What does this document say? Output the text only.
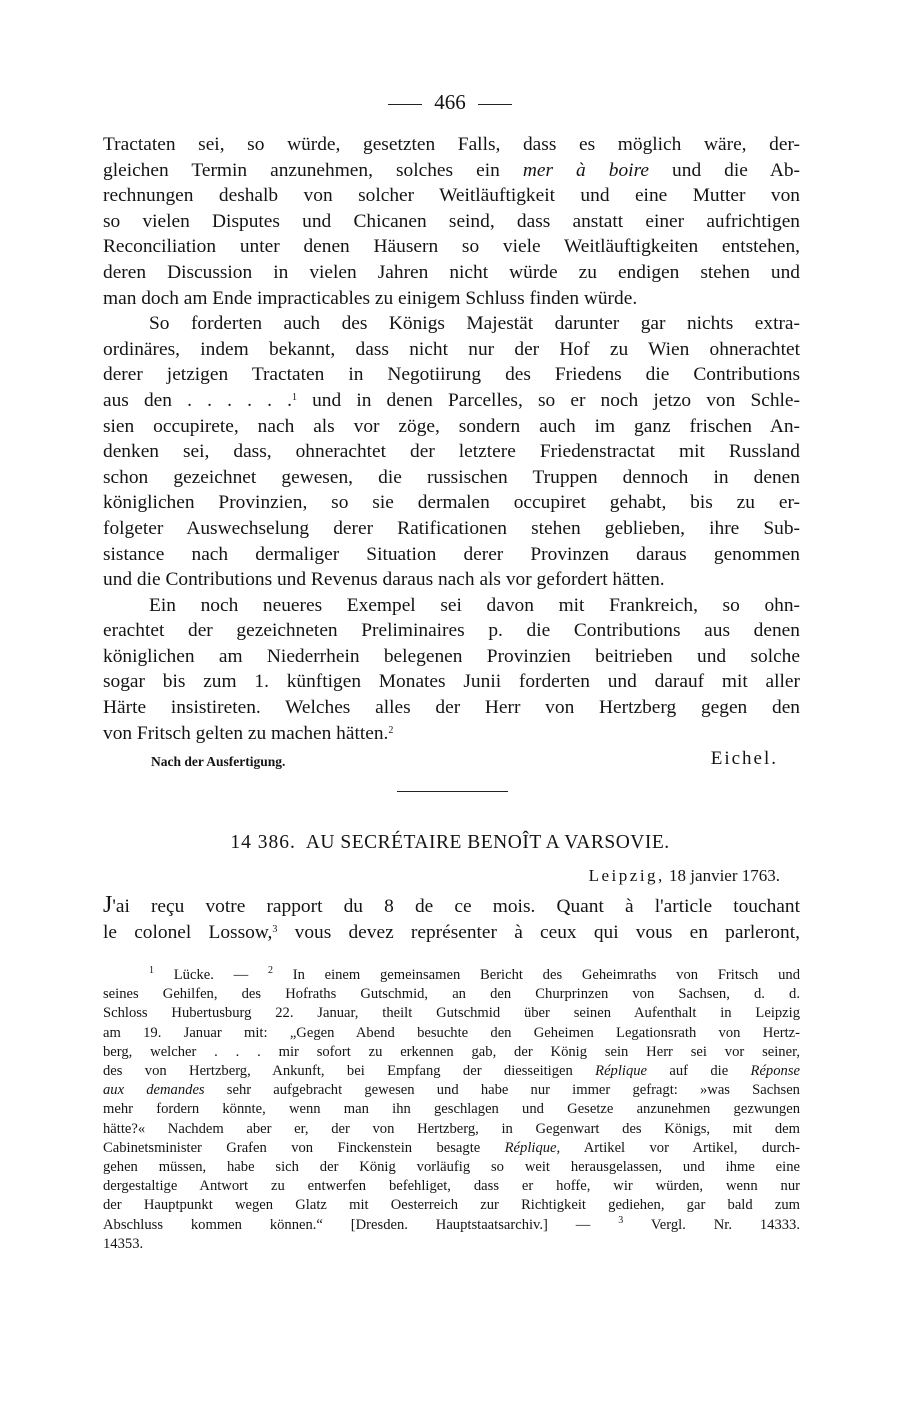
466

Tractaten sei, so würde, gesetzten Falls, dass es möglich wäre, der-
gleichen Termin anzunehmen, solches ein mer à boire und die Ab-
rechnungen deshalb von solcher Weitläuftigkeit und eine Mutter von
so vielen Disputes und Chicanen seind, dass anstatt einer aufrichtigen
Reconciliation unter denen Häusern so viele Weitläuftigkeiten entstehen,
deren Discussion in vielen Jahren nicht würde zu endigen stehen und
man doch am Ende impracticables zu einigem Schluss finden würde.

So forderten auch des Königs Majestät darunter gar nichts extra-
ordinäres, indem bekannt, dass nicht nur der Hof zu Wien ohnerachtet
derer jetzigen Tractaten in Negotiirung des Friedens die Contributions
aus den . . . . . .$^1$ und in denen Parcelles, so er noch jetzo von Schle-
sien occupirete, nach als vor zöge, sondern auch im ganz frischen An-
denken sei, dass, ohnerachtet der letztere Friedenstractat mit Russland
schon gezeichnet gewesen, die russischen Truppen dennoch in denen
königlichen Provinzien, so sie dermalen occupiret gehabt, bis zu er-
folgeter Auswechselung derer Ratificationen stehen geblieben, ihre Sub-
sistance nach dermaliger Situation derer Provinzen daraus genommen
und die Contributions und Revenus daraus nach als vor gefordert hätten.

Ein noch neueres Exempel sei davon mit Frankreich, so ohn-
erachtet der gezeichneten Preliminaires p. die Contributions aus denen
königlichen am Niederrhein belegenen Provinzien beitrieben und solche
sogar bis zum 1. künftigen Monates Junii forderten und darauf mit aller
Härte insistireten. Welches alles der Herr von Hertzberg gegen den
von Fritsch gelten zu machen hätten.$^2$

Nach der Ausfertigung.	Eichel.
14 386. AU SECRÉTAIRE BENOÎT A VARSOVIE.
Leipzig, 18 janvier 1763.
J'ai reçu votre rapport du 8 de ce mois. Quant à l'article touchant
le colonel Lossow,$^3$ vous devez représenter à ceux qui vous en parleront,
$^1$ Lücke. — $^2$ In einem gemeinsamen Bericht des Geheimraths von Fritsch und
seines Gehilfen, des Hofraths Gutschmid, an den Churprinzen von Sachsen, d. d.
Schloss Hubertusburg 22. Januar, theilt Gutschmid über seinen Aufenthalt in Leipzig
am 19. Januar mit: „Gegen Abend besuchte den Geheimen Legationsrath von Hertz-
berg, welcher . . . mir sofort zu erkennen gab, der König sein Herr sei vor seiner,
des von Hertzberg, Ankunft, bei Empfang der diesseitigen Réplique auf die Réponse
aux demandes sehr aufgebracht gewesen und habe nur immer gefragt: »was Sachsen
mehr fordern könnte, wenn man ihn geschlagen und Gesetze anzunehmen gezwungen
hätte?« Nachdem aber er, der von Hertzberg, in Gegenwart des Königs, mit dem
Cabinetsminister Grafen von Finckenstein besagte Réplique, Artikel vor Artikel, durch-
gehen müssen, habe sich der König vorläufig so weit herausgelassen, und ihme eine
dergestaltige Antwort zu entwerfen befehliget, dass er hoffe, wir würden, wenn nur
der Hauptpunkt wegen Glatz mit Oesterreich zur Richtigkeit gediehen, gar bald zum
Abschluss kommen können.“ [Dresden. Hauptstaatsarchiv.] —	$^3$ Vergl. Nr. 14333.
14353.
